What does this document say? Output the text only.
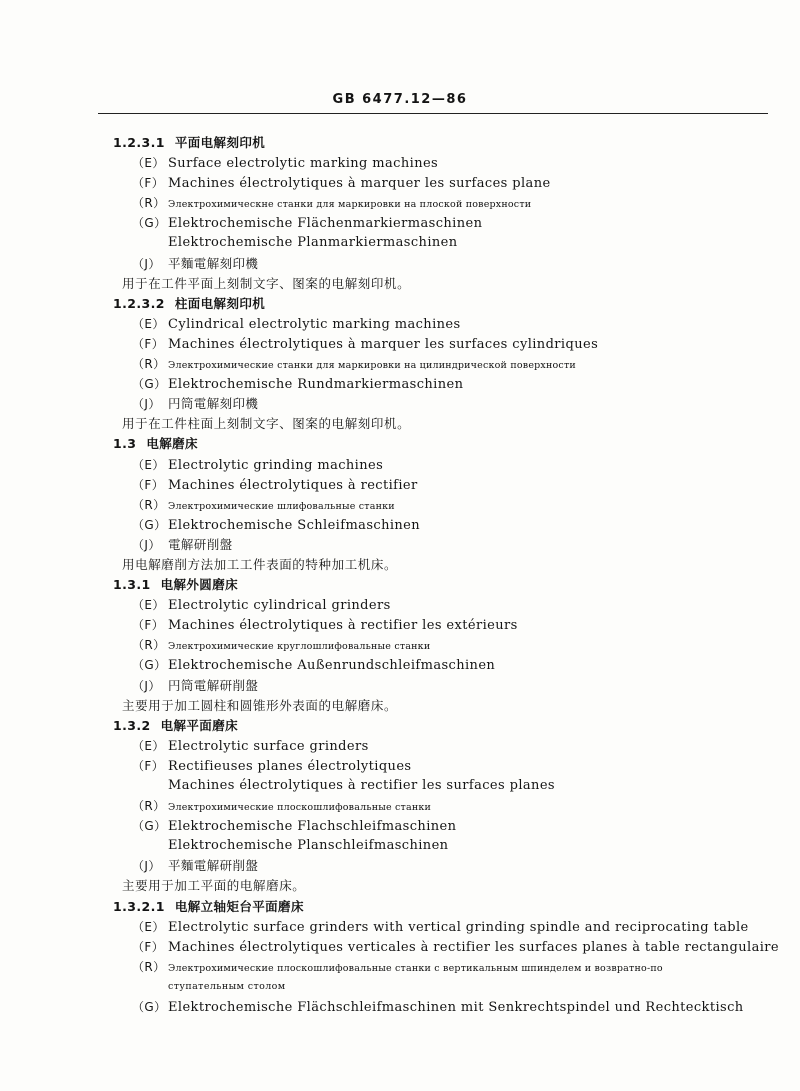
GB 6477.12—86
1.2.3.1 平面电解刻印机
（E） Surface electrolytic marking machines
（F） Machines électrolytiques à marquer les surfaces plane
（R） Электрохимическне станки для маркировки на плоской поверхности
（G） Elektrochemische Flächenmarkiermaschinen
Elektrochemische Planmarkiermaschinen
（J） 平麵電解刻印機
用于在工件平面上刻制文字、图案的电解刻印机。
1.2.3.2 柱面电解刻印机
（E） Cylindrical electrolytic marking machines
（F） Machines électrolytiques à marquer les surfaces cylindriques
（R） Электрохимические станки для маркировки на цилиндрической поверхности
（G） Elektrochemische Rundmarkiermaschinen
（J） 円筒電解刻印機
用于在工件柱面上刻制文字、图案的电解刻印机。
1.3 电解磨床
（E） Electrolytic grinding machines
（F） Machines électrolytiques à rectifier
（R） Электрохимические шлифовальные станки
（G） Elektrochemische Schleifmaschinen
（J） 電解研削盤
用电解磨削方法加工工件表面的特种加工机床。
1.3.1 电解外圆磨床
（E） Electrolytic cylindrical grinders
（F） Machines électrolytiques à rectifier les extérieurs
（R） Электрохимические круглошлифовальные станки
（G） Elektrochemische Außenrundschleifmaschinen
（J） 円筒電解研削盤
主要用于加工圆柱和圆锥形外表面的电解磨床。
1.3.2 电解平面磨床
（E） Electrolytic surface grinders
（F） Rectifieuses planes électrolytiques
Machines électrolytiques à rectifier les surfaces planes
（R） Электрохимические плоскошлифовальные станки
（G） Elektrochemische Flachschleifmaschinen
Elektrochemische Planschleifmaschinen
（J） 平麵電解研削盤
主要用于加工平面的电解磨床。
1.3.2.1 电解立轴矩台平面磨床
（E） Electrolytic surface grinders with vertical grinding spindle and reciprocating table
（F） Machines électrolytiques verticales à rectifier les surfaces planes à table rectangulaire
（R） Электрохимические плоскошлифовальные станки с вертикальным шпинделем и возвратно-по
ступательным столом
（G） Elektrochemische Flächschleifmaschinen mit Senkrechtspindel und Rechtecktisch
